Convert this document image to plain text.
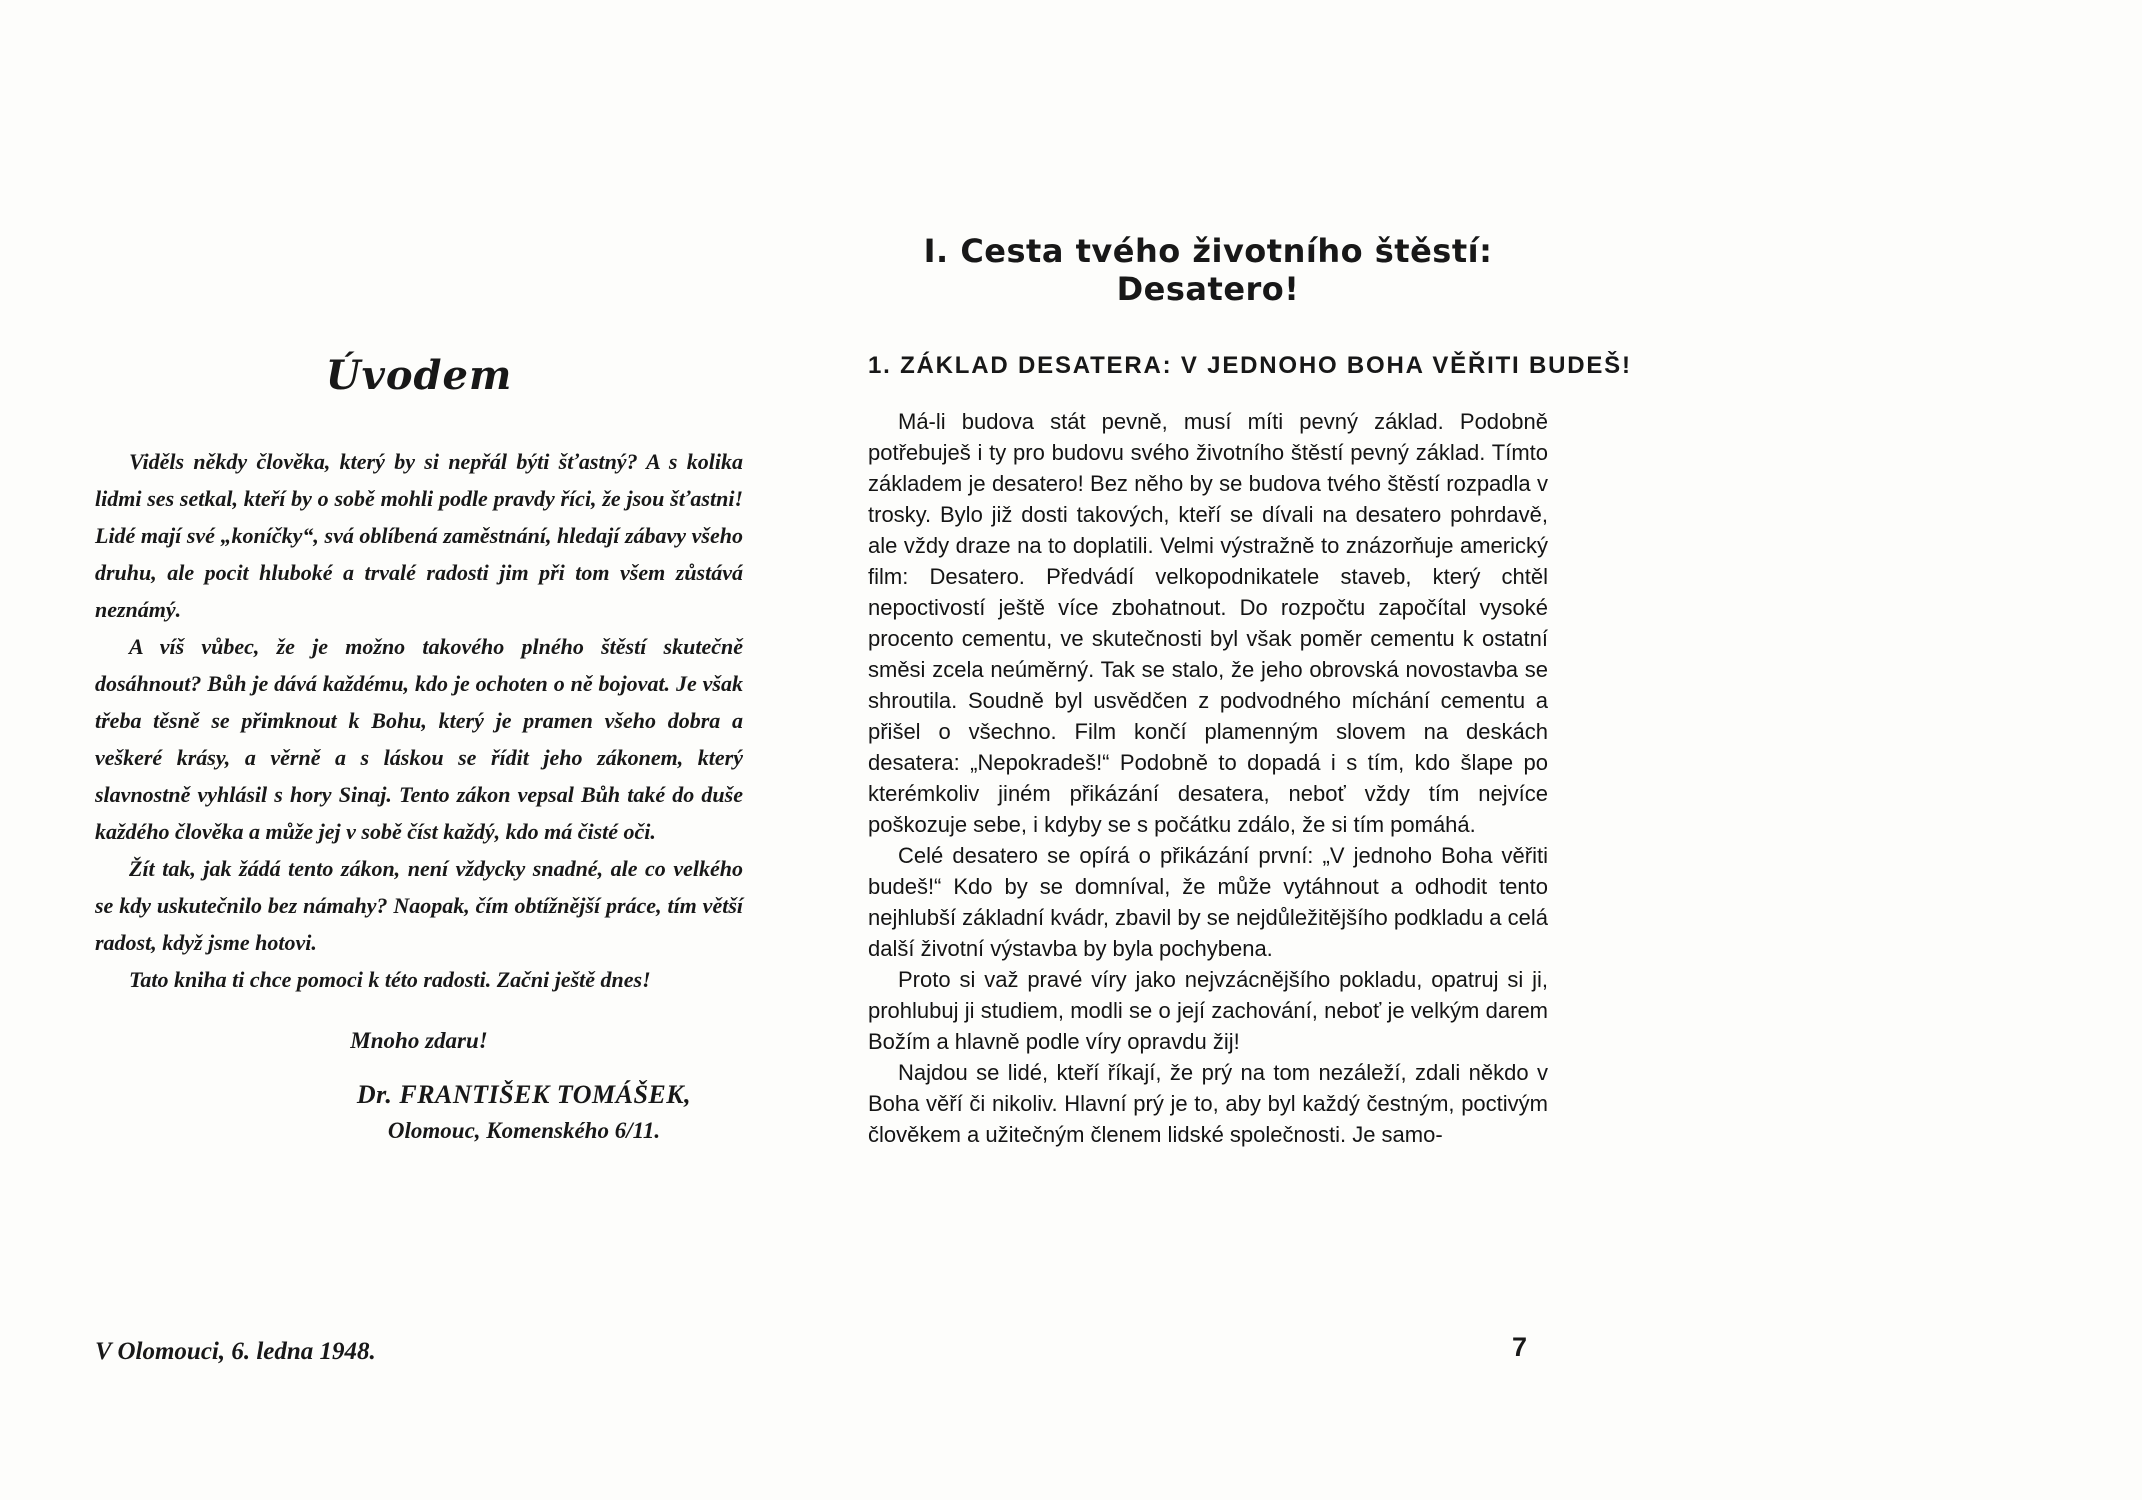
Úvodem

Viděls někdy člověka, který by si nepřál býti šťastný? A s kolika lidmi ses setkal, kteří by o sobě mohli podle pravdy říci, že jsou šťastni! Lidé mají své „koníčky“, svá oblíbená zaměstnání, hledají zábavy všeho druhu, ale pocit hluboké a trvalé radosti jim při tom všem zůstává neznámý.

A víš vůbec, že je možno takového plného štěstí skutečně dosáhnout? Bůh je dává každému, kdo je ochoten o ně bojovat. Je však třeba těsně se přimknout k Bohu, který je pramen všeho dobra a veškeré krásy, a věrně a s láskou se řídit jeho zákonem, který slavnostně vyhlásil s hory Sinaj. Tento zákon vepsal Bůh také do duše každého člověka a může jej v sobě číst každý, kdo má čisté oči.

Žít tak, jak žádá tento zákon, není vždycky snadné, ale co velkého se kdy uskutečnilo bez námahy? Naopak, čím obtížnější práce, tím větší radost, když jsme hotovi.

Tato kniha ti chce pomoci k této radosti. Začni ještě dnes!

Mnoho zdaru!

Dr. FRANTIŠEK TOMÁŠEK,
Olomouc, Komenského 6/11.
V Olomouci, 6. ledna 1948.
I. Cesta tvého životního štěstí: Desatero!
1. ZÁKLAD DESATERA: V JEDNOHO BOHA VĚŘITI BUDEŠ!

Má-li budova stát pevně, musí míti pevný základ. Podobně potřebuješ i ty pro budovu svého životního štěstí pevný základ. Tímto základem je desatero! Bez něho by se budova tvého štěstí rozpadla v trosky. Bylo již dosti takových, kteří se dívali na desatero pohrdavě, ale vždy draze na to doplatili. Velmi výstražně to znázorňuje americký film: Desatero. Předvádí velkopodnikatele staveb, který chtěl nepoctivostí ještě více zbohatnout. Do rozpočtu započítal vysoké procento cementu, ve skutečnosti byl však poměr cementu k ostatní směsi zcela neúměrný. Tak se stalo, že jeho obrovská novostavba se shroutila. Soudně byl usvědčen z podvodného míchání cementu a přišel o všechno. Film končí plamenným slovem na deskách desatera: „Nepokradeš!“ Podobně to dopadá i s tím, kdo šlape po kterémkoliv jiném přikázání desatera, neboť vždy tím nejvíce poškozuje sebe, i kdyby se s počátku zdálo, že si tím pomáhá.

Celé desatero se opírá o přikázání první: „V jednoho Boha věřiti budeš!“ Kdo by se domníval, že může vytáhnout a odhodit tento nejhlubší základní kvádr, zbavil by se nejdůležitějšího podkladu a celá další životní výstavba by byla pochybena.

Proto si važ pravé víry jako nejvzácnějšího pokladu, opatruj si ji, prohlubuj ji studiem, modli se o její zachování, neboť je velkým darem Božím a hlavně podle víry opravdu žij!

Najdou se lidé, kteří říkají, že prý na tom nezáleží, zdali někdo v Boha věří či nikoliv. Hlavní prý je to, aby byl každý čestným, poctivým člověkem a užitečným členem lidské společnosti. Je samo-

7
